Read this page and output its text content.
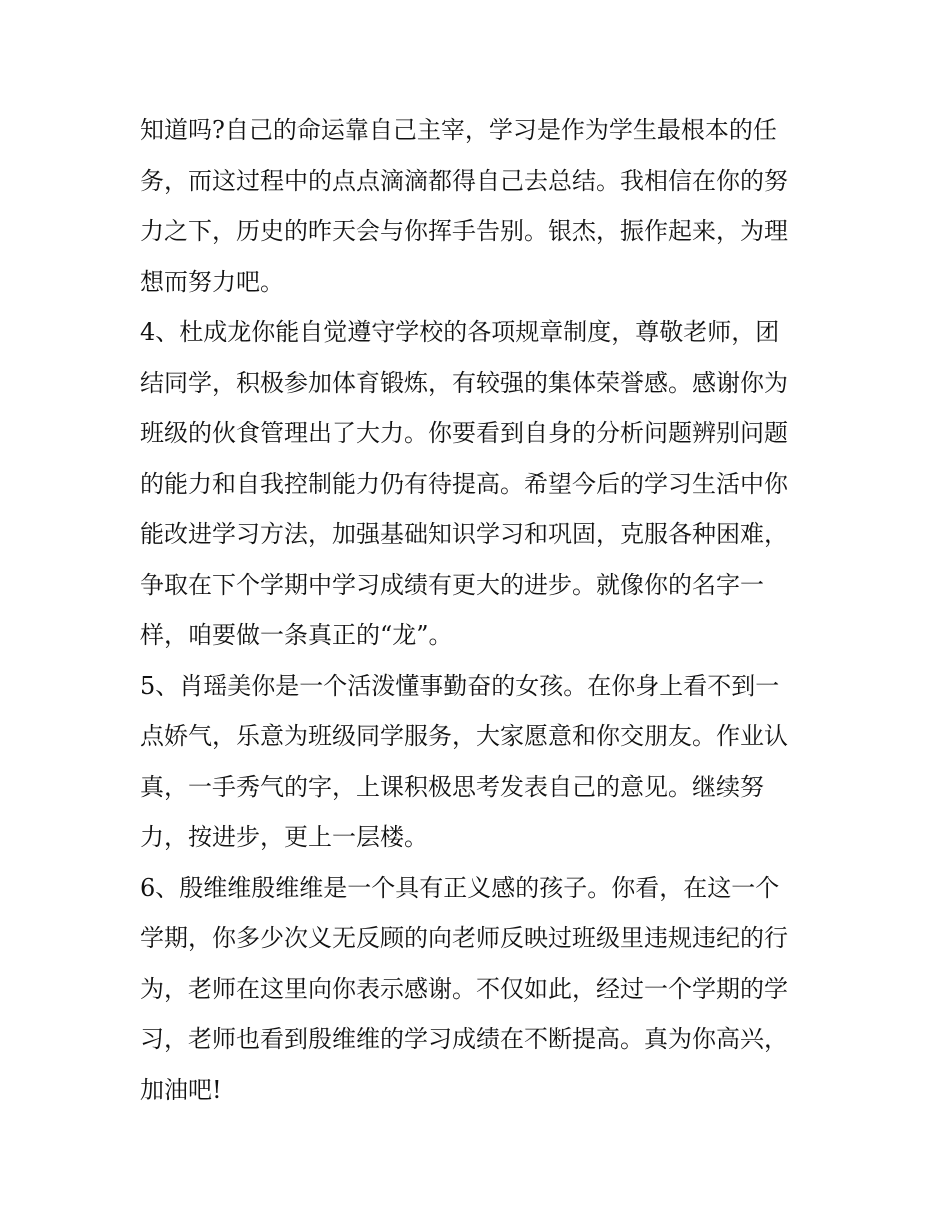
知道吗?自己的命运靠自己主宰，学习是作为学生最根本的任
务，而这过程中的点点滴滴都得自己去总结。我相信在你的努
力之下，历史的昨天会与你挥手告别。银杰，振作起来，为理
想而努力吧。
4、杜成龙你能自觉遵守学校的各项规章制度，尊敬老师，团
结同学，积极参加体育锻炼，有较强的集体荣誉感。感谢你为
班级的伙食管理出了大力。你要看到自身的分析问题辨别问题
的能力和自我控制能力仍有待提高。希望今后的学习生活中你
能改进学习方法，加强基础知识学习和巩固，克服各种困难，
争取在下个学期中学习成绩有更大的进步。就像你的名字一
样，咱要做一条真正的“龙”。
5、肖瑶美你是一个活泼懂事勤奋的女孩。在你身上看不到一
点娇气，乐意为班级同学服务，大家愿意和你交朋友。作业认
真，一手秀气的字，上课积极思考发表自己的意见。继续努
力，按进步，更上一层楼。
6、殷维维殷维维是一个具有正义感的孩子。你看，在这一个
学期，你多少次义无反顾的向老师反映过班级里违规违纪的行
为，老师在这里向你表示感谢。不仅如此，经过一个学期的学
习，老师也看到殷维维的学习成绩在不断提高。真为你高兴，
加油吧!
